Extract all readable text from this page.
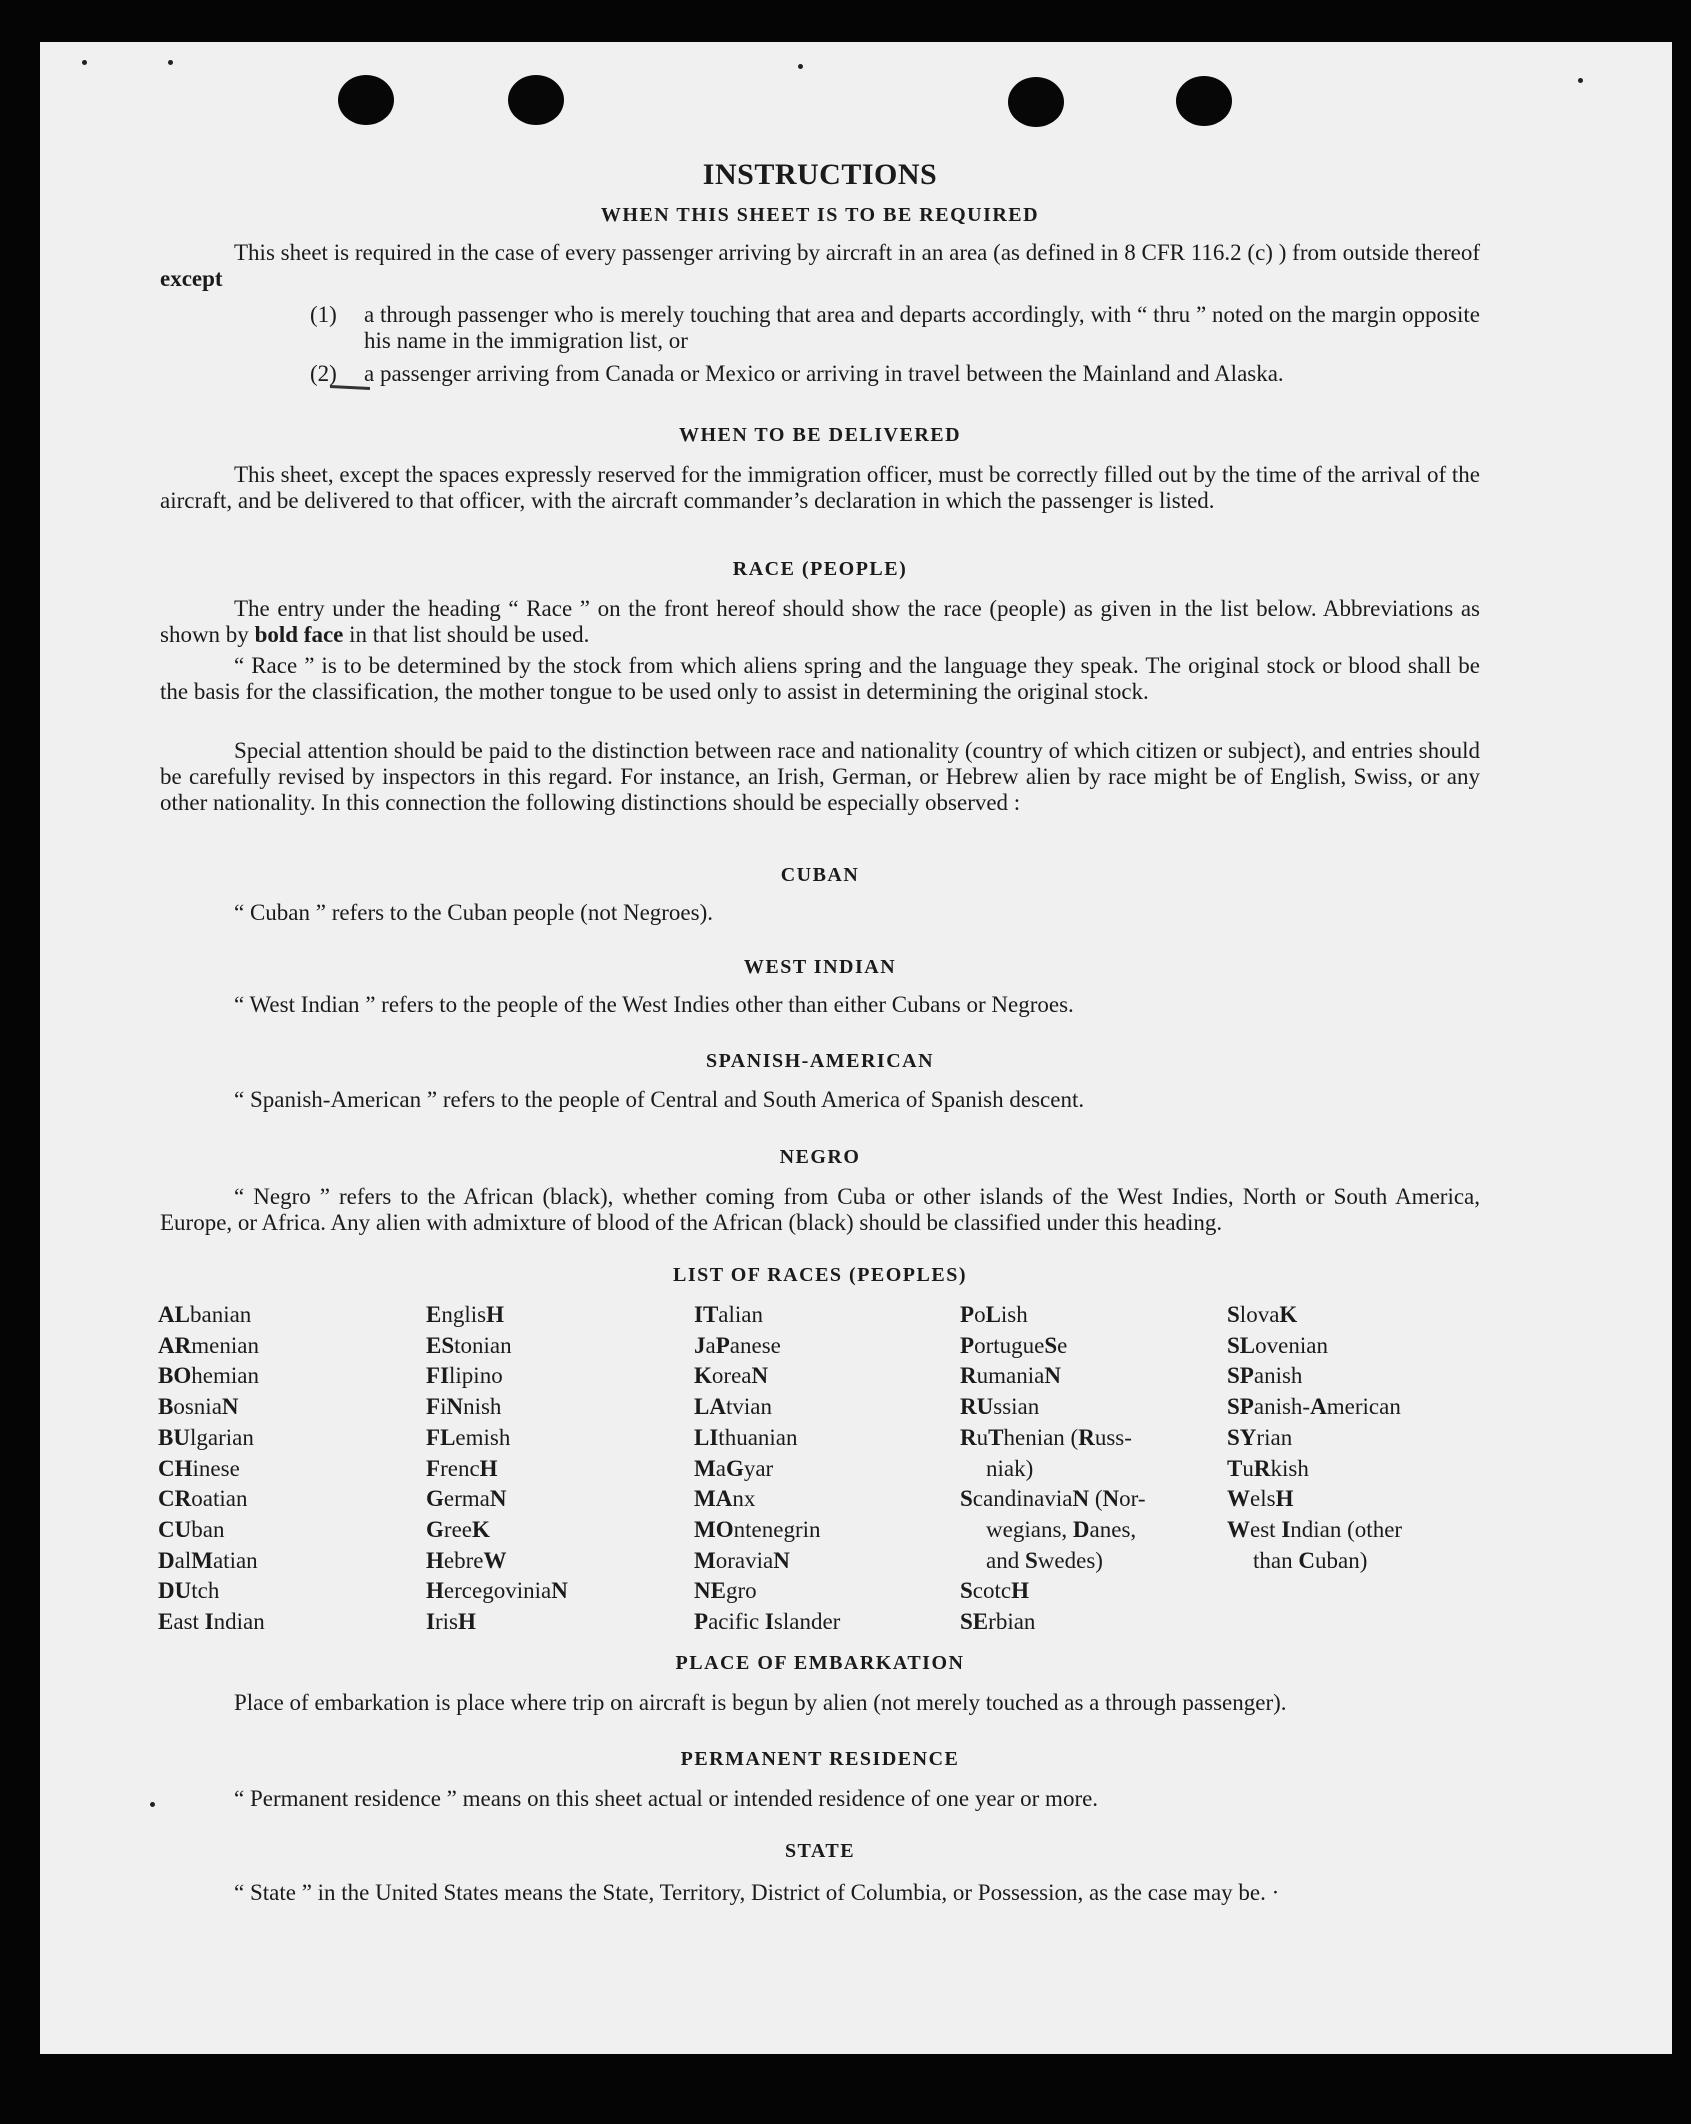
INSTRUCTIONS
WHEN THIS SHEET IS TO BE REQUIRED

This sheet is required in the case of every passenger arriving by aircraft in an area (as defined in 8 CFR 116.2 (c) ) from outside thereof except

(1) a through passenger who is merely touching that area and departs accordingly, with “ thru ” noted on the margin opposite his name in the immigration list, or
(2) a passenger arriving from Canada or Mexico or arriving in travel between the Mainland and Alaska.
WHEN TO BE DELIVERED

This sheet, except the spaces expressly reserved for the immigration officer, must be correctly filled out by the time of the arrival of the aircraft, and be delivered to that officer, with the aircraft commander’s declaration in which the passenger is listed.

RACE (PEOPLE)

The entry under the heading “ Race ” on the front hereof should show the race (people) as given in the list below. Abbreviations as shown by bold face in that list should be used.

“ Race ” is to be determined by the stock from which aliens spring and the language they speak. The original stock or blood shall be the basis for the classification, the mother tongue to be used only to assist in determining the original stock.

Special attention should be paid to the distinction between race and nationality (country of which citizen or subject), and entries should be carefully revised by inspectors in this regard. For instance, an Irish, German, or Hebrew alien by race might be of English, Swiss, or any other nationality. In this connection the following distinctions should be especially observed :

CUBAN

“ Cuban ” refers to the Cuban people (not Negroes).

WEST INDIAN

“ West Indian ” refers to the people of the West Indies other than either Cubans or Negroes.

SPANISH-AMERICAN

“ Spanish-American ” refers to the people of Central and South America of Spanish descent.

NEGRO

“ Negro ” refers to the African (black), whether coming from Cuba or other islands of the West Indies, North or South America, Europe, or Africa. Any alien with admixture of blood of the African (black) should be classified under this heading.

LIST OF RACES (PEOPLES)
ALbanian
ARmenian
BOhemian
BosniaN
BUlgarian
CHinese
CRoatian
CUban
DalMatian
DUtch
East Indian
EnglisH
EStonian
FIlipino
FiNnish
FLemish
FrencH
GermaN
GreeK
HebreW
HercegoviniaN
IrisH
ITalian
JaPanese
KoreaN
LAtvian
LIthuanian
MaGyar
MAnx
MOntenegrin
MoraviaN
NEgro
Pacific Islander
PoLish
PortugueSe
RumaniaN
RUssian
RuThenian (Russ-
niak)
ScandinaviaN (Nor-
wegians, Danes,
and Swedes)
ScotcH
SErbian
SlovaK
SLovenian
SPanish
SPanish-American
SYrian
TuRkish
WelsH
West Indian (other
than Cuban)
PLACE OF EMBARKATION

Place of embarkation is place where trip on aircraft is begun by alien (not merely touched as a through passenger).

PERMANENT RESIDENCE

“ Permanent residence ” means on this sheet actual or intended residence of one year or more.

STATE

“ State ” in the United States means the State, Territory, District of Columbia, or Possession, as the case may be. ·
